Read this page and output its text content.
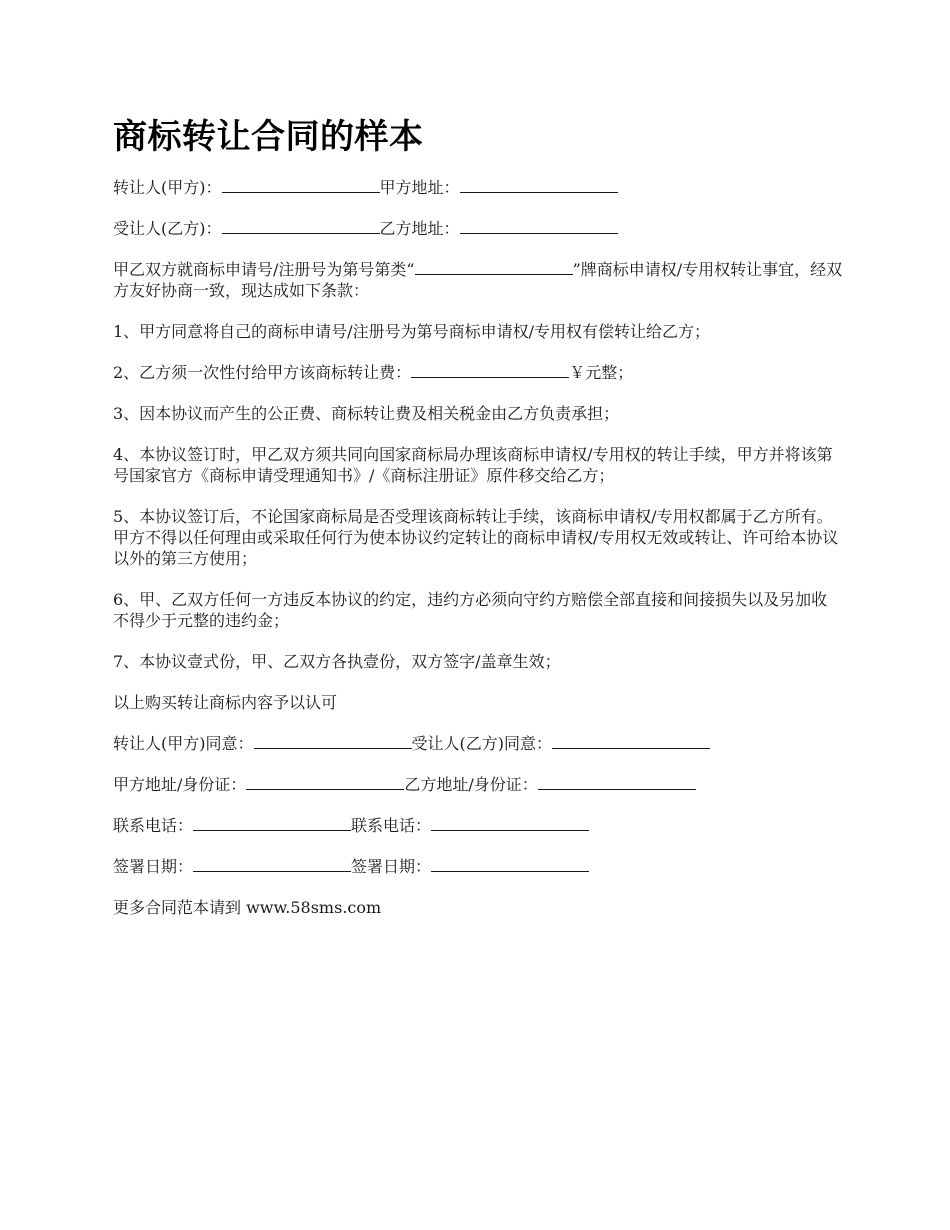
商标转让合同的样本

转让人(甲方)：	甲方地址：

受让人(乙方)：	乙方地址：

甲乙双方就商标申请号/注册号为第号第类“	”牌商标申请权/专用权转让事宜，经双方友好协商一致，现达成如下条款：

1、甲方同意将自己的商标申请号/注册号为第号商标申请权/专用权有偿转让给乙方；

2、乙方须一次性付给甲方该商标转让费：	￥元整；

3、因本协议而产生的公正费、商标转让费及相关税金由乙方负责承担；

4、本协议签订时，甲乙双方须共同向国家商标局办理该商标申请权/专用权的转让手续，甲方并将该第号国家官方《商标申请受理通知书》/《商标注册证》原件移交给乙方；

5、本协议签订后，不论国家商标局是否受理该商标转让手续，该商标申请权/专用权都属于乙方所有。甲方不得以任何理由或采取任何行为使本协议约定转让的商标申请权/专用权无效或转让、许可给本协议以外的第三方使用；

6、甲、乙双方任何一方违反本协议的约定，违约方必须向守约方赔偿全部直接和间接损失以及另加收不得少于元整的违约金；

7、本协议壹式份，甲、乙双方各执壹份，双方签字/盖章生效；

以上购买转让商标内容予以认可

转让人(甲方)同意：	受让人(乙方)同意：

甲方地址/身份证：	乙方地址/身份证：

联系电话：	联系电话：

签署日期：	签署日期：

更多合同范本请到 www.58sms.com
